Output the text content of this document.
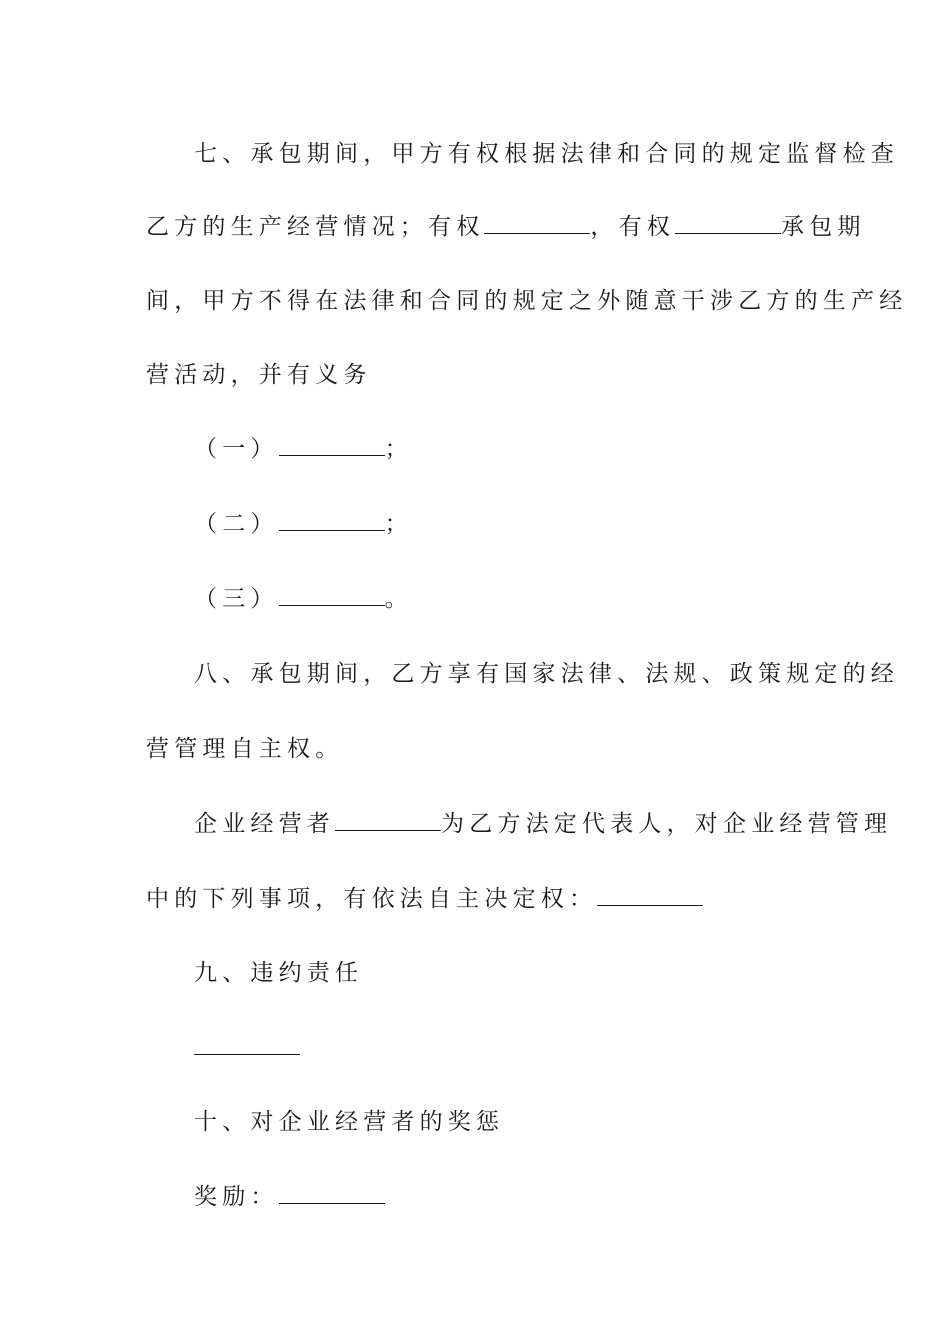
七、承包期间，甲方有权根据法律和合同的规定监督检查
乙方的生产经营情况；有权	，有权	承包期
间，甲方不得在法律和合同的规定之外随意干涉乙方的生产经
营活动，并有义务
（一）	；
（二）	；
（三）	。
八、承包期间，乙方享有国家法律、法规、政策规定的经
营管理自主权。
企业经营者	为乙方法定代表人，对企业经营管理
中的下列事项，有依法自主决定权：
九、违约责任
十、对企业经营者的奖惩
奖励：
